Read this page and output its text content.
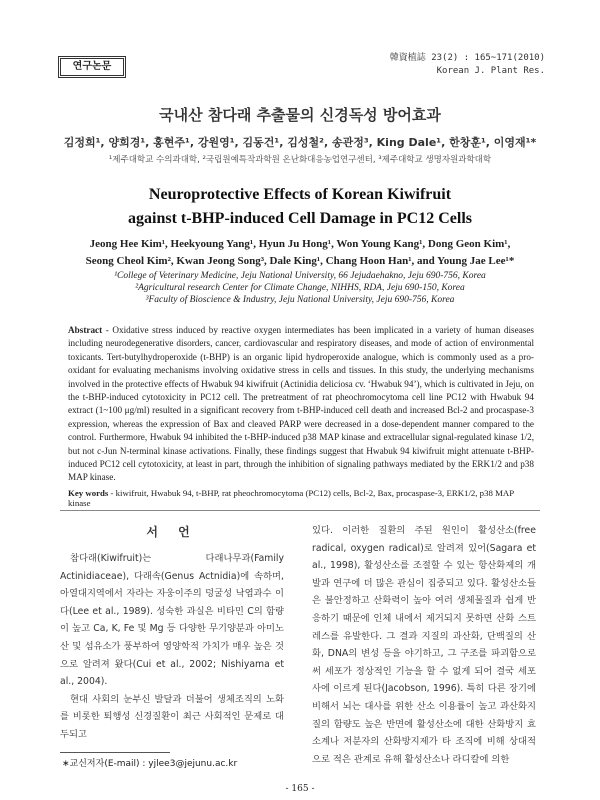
연구논문
韓資植誌 23(2) : 165~171(2010)
Korean J. Plant Res.
국내산 참다래 추출물의 신경독성 방어효과
김정희¹, 양희경¹, 홍현주¹, 강원영¹, 김동건¹, 김성철², 송관정³, King Dale¹, 한창훈¹, 이영재¹*
¹제주대학교 수의과대학, ²국립원예특작과학원 온난화대응농업연구센터, ³제주대학교 생명자원과학대학
Neuroprotective Effects of Korean Kiwifruit
against t-BHP-induced Cell Damage in PC12 Cells
Jeong Hee Kim¹, Heekyoung Yang¹, Hyun Ju Hong¹, Won Young Kang¹, Dong Geon Kim¹,
Seong Cheol Kim², Kwan Jeong Song³, Dale King¹, Chang Hoon Han¹, and Young Jae Lee¹*
¹College of Veterinary Medicine, Jeju National University, 66 Jejudaehakno, Jeju 690-756, Korea
²Agricultural research Center for Climate Change, NIHHS, RDA, Jeju 690-150, Korea
³Faculty of Bioscience & Industry, Jeju National University, Jeju 690-756, Korea
Abstract - Oxidative stress induced by reactive oxygen intermediates has been implicated in a variety of human diseases including neurodegenerative disorders, cancer, cardiovascular and respiratory diseases, and mode of action of environmental toxicants. Tert-butylhydroperoxide (t-BHP) is an organic lipid hydroperoxide analogue, which is commonly used as a pro-oxidant for evaluating mechanisms involving oxidative stress in cells and tissues. In this study, the underlying mechanisms involved in the protective effects of Hwabuk 94 kiwifruit (Actinidia deliciosa cv. ‘Hwabuk 94’), which is cultivated in Jeju, on the t-BHP-induced cytotoxicity in PC12 cell. The pretreatment of rat pheochromocytoma cell line PC12 with Hwabuk 94 extract (1~100 μg/ml) resulted in a significant recovery from t-BHP-induced cell death and increased Bcl-2 and procaspase-3 expression, whereas the expression of Bax and cleaved PARP were decreased in a dose-dependent manner compared to the control. Furthermore, Hwabuk 94 inhibited the t-BHP-induced p38 MAP kinase and extracellular signal-regulated kinase 1/2, but not c-Jun N-terminal kinase activations. Finally, these findings suggest that Hwabuk 94 kiwifruit might attenuate t-BHP-induced PC12 cell cytotoxicity, at least in part, through the inhibition of signaling pathways mediated by the ERK1/2 and p38 MAP kinase.
Key words - kiwifruit, Hwabuk 94, t-BHP, rat pheochromocytoma (PC12) cells, Bcl-2, Bax, procaspase-3, ERK1/2, p38 MAP kinase
서 언

참다래(Kiwifruit)는 다래나무과(Family Actinidiaceae), 다래속(Genus Actnidia)에 속하며, 아열대지역에서 자라는 자웅이주의 덩굴성 낙엽과수 이다(Lee et al., 1989). 성숙한 과실은 비타민 C의 함량이 높고 Ca, K, Fe 및 Mg 등 다양한 무기양분과 아미노산 및 섬유소가 풍부하여 영양학적 가치가 매우 높은 것으로 알려져 왔다(Cui et al., 2002; Nishiyama et al., 2004).

현대 사회의 눈부신 발달과 더불어 생체조직의 노화를 비롯한 퇴행성 신경질환이 최근 사회적인 문제로 대두되고

있다. 이러한 질환의 주된 원인이 활성산소(free radical, oxygen radical)로 알려져 있어(Sagara et al., 1998), 활성산소를 조절할 수 있는 항산화제의 개발과 연구에 더 많은 관심이 집중되고 있다. 활성산소들은 불안정하고 산화력이 높아 여러 생체물질과 쉽게 반응하기 때문에 인체 내에서 제거되지 못하면 산화 스트레스를 유발한다. 그 결과 지질의 과산화, 단백질의 산화, DNA의 변성 등을 야기하고, 그 구조를 파괴함으로써 세포가 정상적인 기능을 할 수 없게 되어 결국 세포사에 이르게 된다(Jacobson, 1996). 특히 다른 장기에 비해서 뇌는 대사를 위한 산소 이용률이 높고 과산화지질의 함량도 높은 반면에 활성산소에 대한 산화방지 효소계나 저분자의 산화방지제가 타 조직에 비해 상대적으로 적은 관계로 유해 활성산소나 라디칼에 의한

∗교신저자(E-mail) : yjlee3@jejunu.ac.kr
- 165 -
